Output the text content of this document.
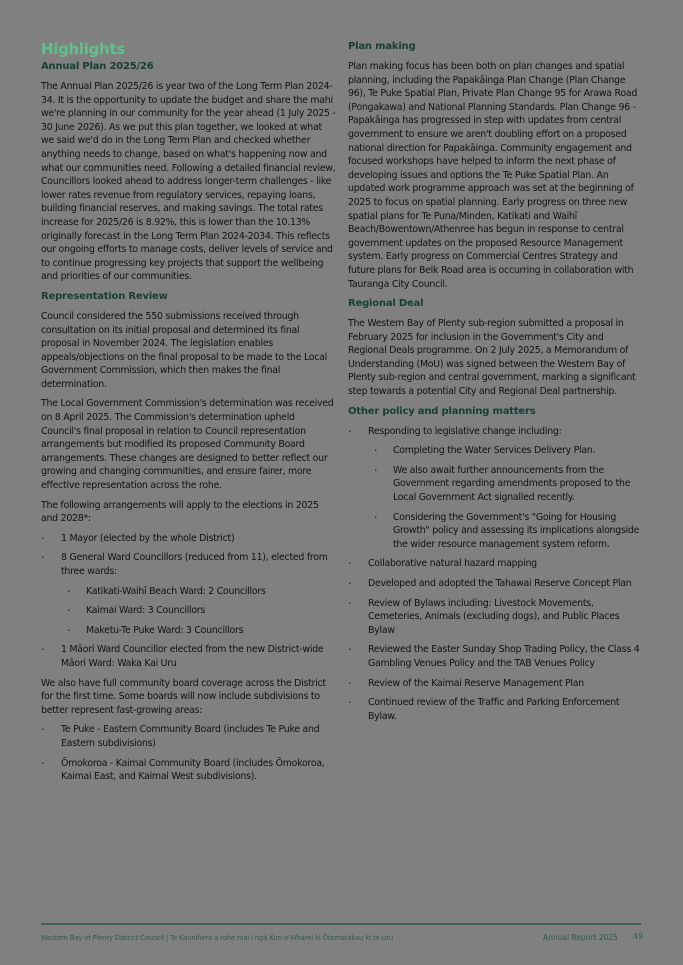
Highlights
Annual Plan 2025/26

The Annual Plan 2025/26 is year two of the Long Term Plan 2024-34. It is the opportunity to update the budget and share the mahi we're planning in our community for the year ahead (1 July 2025 - 30 June 2026). As we put this plan together, we looked at what we said we'd do in the Long Term Plan and checked whether anything needs to change, based on what's happening now and what our communities need. Following a detailed financial review, Councillors looked ahead to address longer-term challenges - like lower rates revenue from regulatory services, repaying loans, building financial reserves, and making savings. The total rates increase for 2025/26 is 8.92%, this is lower than the 10.13% originally forecast in the Long Term Plan 2024-2034. This reflects our ongoing efforts to manage costs, deliver levels of service and to continue progressing key projects that support the wellbeing and priorities of our communities.

Representation Review

Council considered the 550 submissions received through consultation on its initial proposal and determined its final proposal in November 2024. The legislation enables appeals/objections on the final proposal to be made to the Local Government Commission, which then makes the final determination.

The Local Government Commission's determination was received on 8 April 2025. The Commission's determination upheld Council's final proposal in relation to Council representation arrangements but modified its proposed Community Board arrangements. These changes are designed to better reflect our growing and changing communities, and ensure fairer, more effective representation across the rohe.

The following arrangements will apply to the elections in 2025 and 2028*:

· 1 Mayor (elected by the whole District)
· 8 General Ward Councillors (reduced from 11), elected from three wards:
· Katikati-Waihī Beach Ward: 2 Councillors
· Kaimai Ward: 3 Councillors
· Maketu-Te Puke Ward: 3 Councillors
· 1 Māori Ward Councillor elected from the new District-wide Māori Ward: Waka Kai Uru

We also have full community board coverage across the District for the first time. Some boards will now include subdivisions to better represent fast-growing areas:

· Te Puke - Eastern Community Board (includes Te Puke and Eastern subdivisions)
· Ōmokoroa - Kaimai Community Board (includes Ōmokoroa, Kaimai East, and Kaimai West subdivisions).
Plan making

Plan making focus has been both on plan changes and spatial planning, including the Papakāinga Plan Change (Plan Change 96), Te Puke Spatial Plan, Private Plan Change 95 for Arawa Road (Pongakawa) and National Planning Standards. Plan Change 96 - Papakāinga has progressed in step with updates from central government to ensure we aren't doubling effort on a proposed national direction for Papakāinga. Community engagement and focused workshops have helped to inform the next phase of developing issues and options the Te Puke Spatial Plan. An updated work programme approach was set at the beginning of 2025 to focus on spatial planning. Early progress on three new spatial plans for Te Puna/Minden, Katikati and Waihī Beach/Bowentown/Athenree has begun in response to central government updates on the proposed Resource Management system. Early progress on Commercial Centres Strategy and future plans for Belk Road area is occurring in collaboration with Tauranga City Council.

Regional Deal

The Western Bay of Plenty sub-region submitted a proposal in February 2025 for inclusion in the Government's City and Regional Deals programme. On 2 July 2025, a Memorandum of Understanding (MoU) was signed between the Western Bay of Plenty sub-region and central government, marking a significant step towards a potential City and Regional Deal partnership.

Other policy and planning matters
· Responding to legislative change including:
· Completing the Water Services Delivery Plan.
· We also await further announcements from the Government regarding amendments proposed to the Local Government Act signalled recently.
· Considering the Government's "Going for Housing Growth" policy and assessing its implications alongside the wider resource management system reform.
· Collaborative natural hazard mapping
· Developed and adopted the Tahawai Reserve Concept Plan
· Review of Bylaws including: Livestock Movements, Cemeteries, Animals (excluding dogs), and Public Places Bylaw
· Reviewed the Easter Sunday Shop Trading Policy, the Class 4 Gambling Venues Policy and the TAB Venues Policy
· Review of the Kaimai Reserve Management Plan
· Continued review of the Traffic and Parking Enforcement Bylaw.
Western Bay of Plenty District Council | Te Kaunihera a rohe mai i ngā Kuri-a-Wharei ki Ōtamarākau ki te Uru	Annual Report 2025 49
